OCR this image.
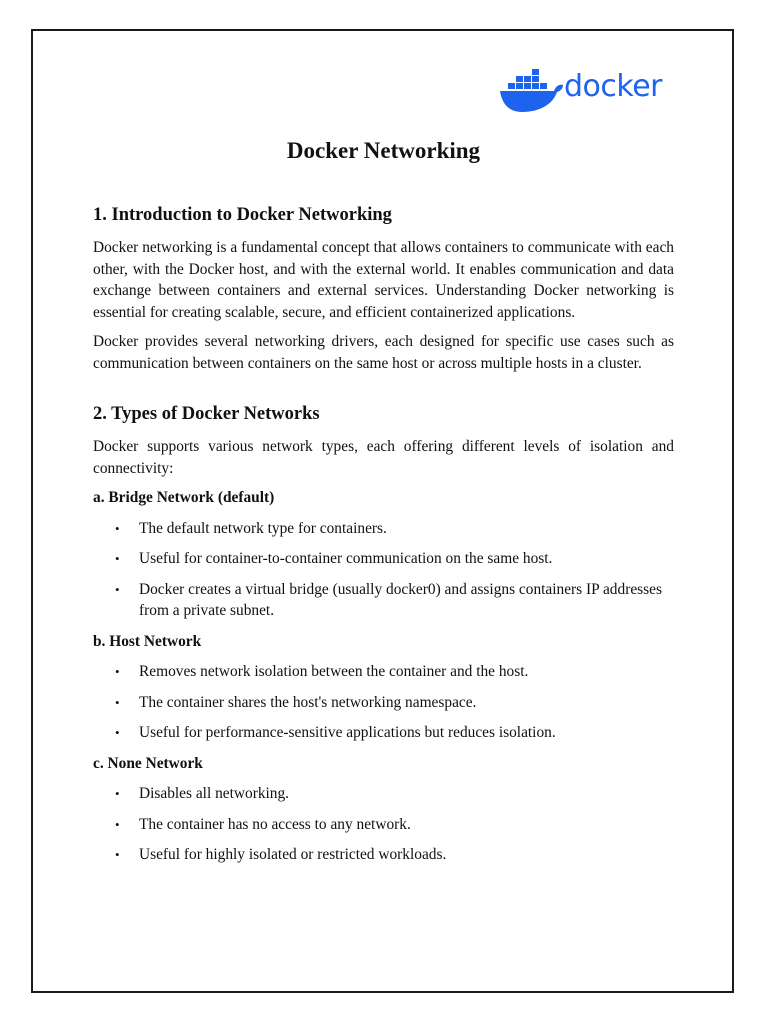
docker
Docker Networking
1. Introduction to Docker Networking

Docker networking is a fundamental concept that allows containers to communicate with each other, with the Docker host, and with the external world. It enables communication and data exchange between containers and external services. Understanding Docker networking is essential for creating scalable, secure, and efficient containerized applications.

Docker provides several networking drivers, each designed for specific use cases such as communication between containers on the same host or across multiple hosts in a cluster.

2. Types of Docker Networks

Docker supports various network types, each offering different levels of isolation and connectivity:

a. Bridge Network (default)
• The default network type for containers.
• Useful for container-to-container communication on the same host.
• Docker creates a virtual bridge (usually docker0) and assigns containers IP addresses from a private subnet.
b. Host Network
• Removes network isolation between the container and the host.
• The container shares the host's networking namespace.
• Useful for performance-sensitive applications but reduces isolation.
c. None Network
• Disables all networking.
• The container has no access to any network.
• Useful for highly isolated or restricted workloads.
